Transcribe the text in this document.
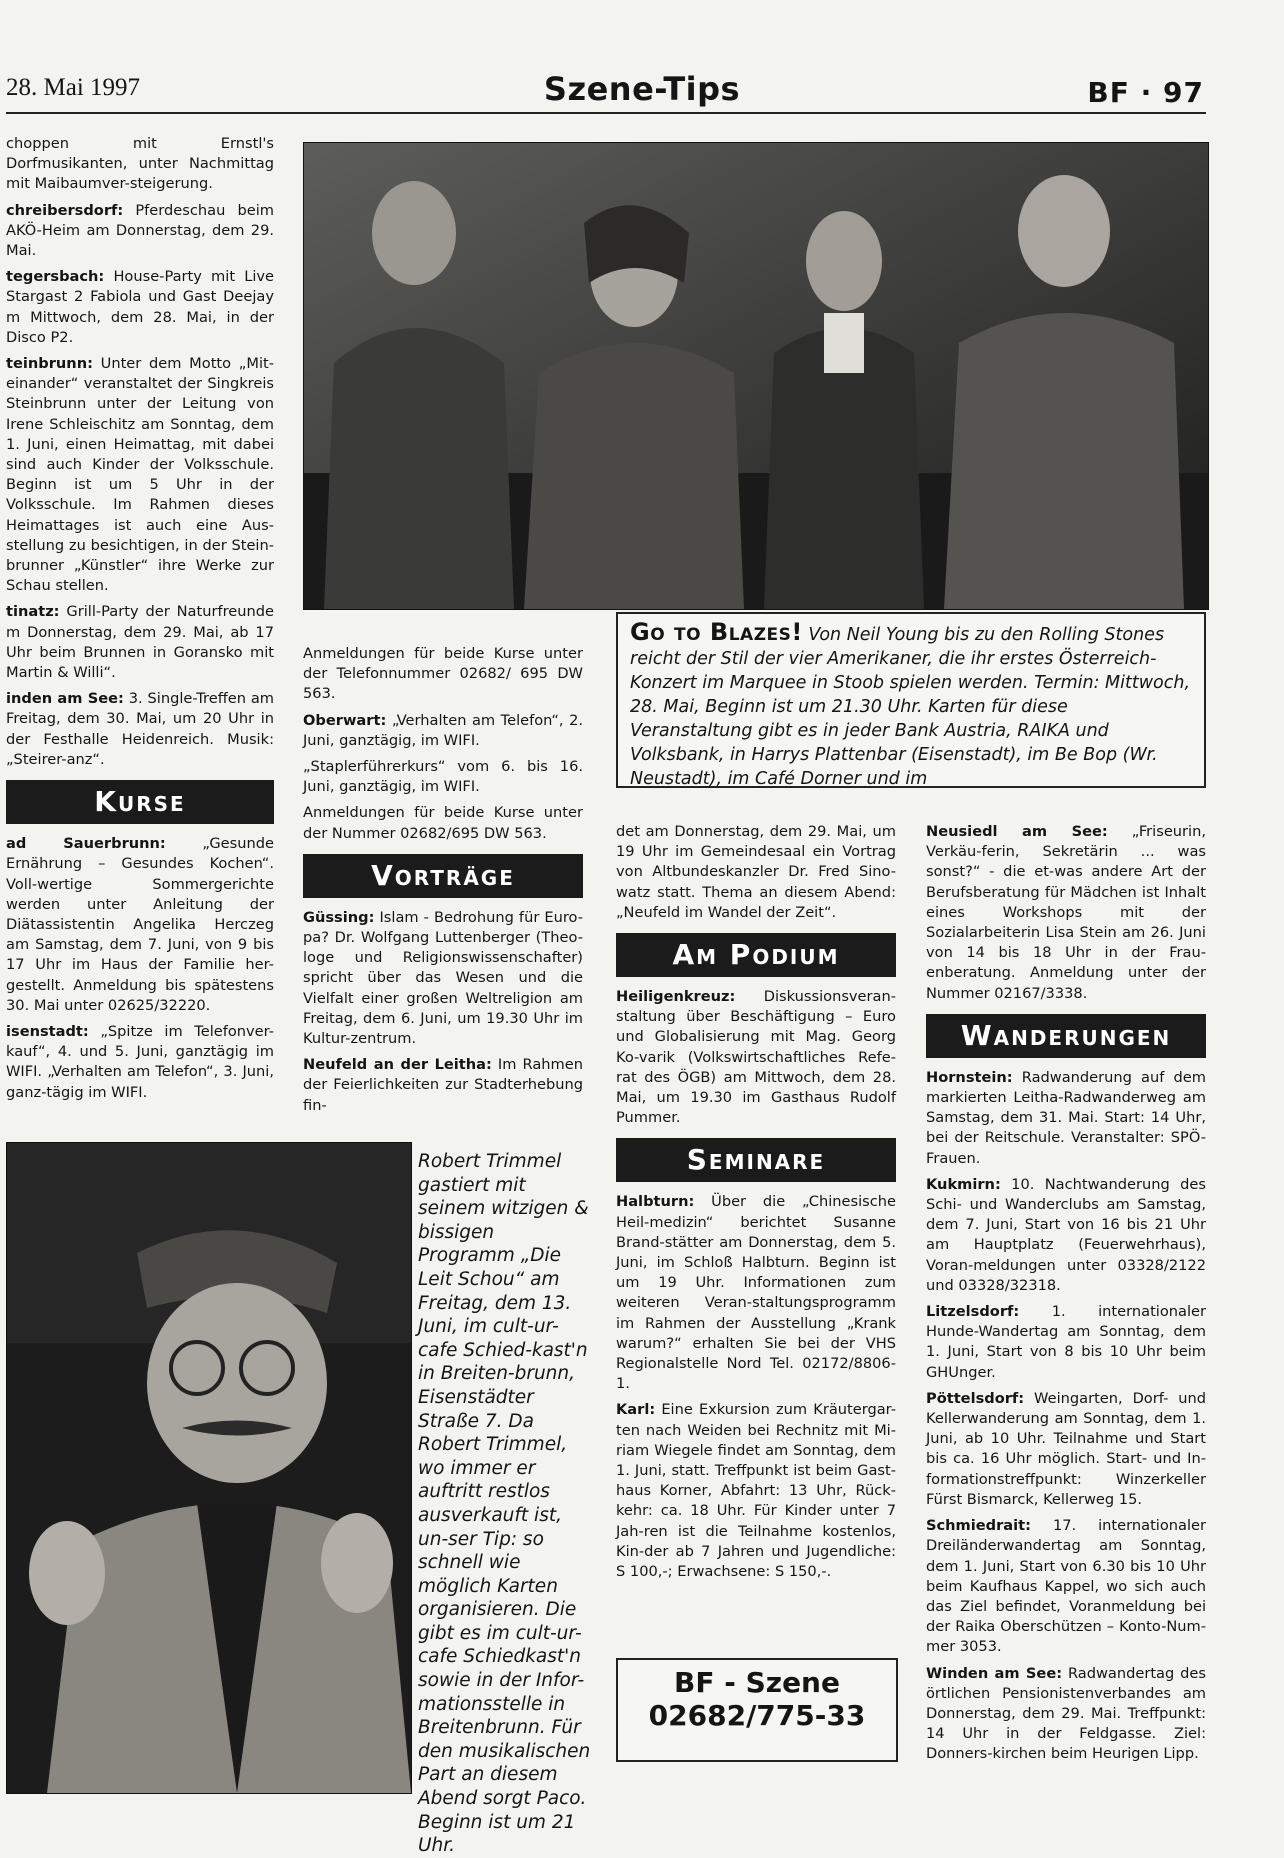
28. Mai 1997	Szene-Tips	BF · 97

choppen mit Ernstl's Dorfmusikanten, unter Nachmittag mit Maibaumver-steigerung.

chreibersdorf: Pferdeschau beim AKÖ-Heim am Donnerstag, dem 29. Mai.

tegersbach: House-Party mit Live Stargast 2 Fabiola und Gast Deejay m Mittwoch, dem 28. Mai, in der Disco P2.

teinbrunn: Unter dem Motto „Mit-einander“ veranstaltet der Singkreis Steinbrunn unter der Leitung von Irene Schleischitz am Sonntag, dem 1. Juni, einen Heimattag, mit dabei sind auch Kinder der Volksschule. Beginn ist um 5 Uhr in der Volksschule. Im Rahmen dieses Heimattages ist auch eine Aus-stellung zu besichtigen, in der Stein-brunner „Künstler“ ihre Werke zur Schau stellen.

tinatz: Grill-Party der Naturfreunde m Donnerstag, dem 29. Mai, ab 17 Uhr beim Brunnen in Goransko mit Martin & Willi“.

inden am See: 3. Single-Treffen am Freitag, dem 30. Mai, um 20 Uhr in der Festhalle Heidenreich. Musik: „Steirer-anz“.

Kurse

ad Sauerbrunn: „Gesunde Ernährung – Gesundes Kochen“. Voll-wertige Sommergerichte werden unter Anleitung der Diätassistentin Angelika Herczeg am Samstag, dem 7. Juni, von 9 bis 17 Uhr im Haus der Familie her-gestellt. Anmeldung bis spätestens 30. Mai unter 02625/32220.

isenstadt: „Spitze im Telefonver-kauf“, 4. und 5. Juni, ganztägig im WIFI. „Verhalten am Telefon“, 3. Juni, ganz-tägig im WIFI.

Go to Blazes! Von Neil Young bis zu den Rolling Stones reicht der Stil der vier Amerikaner, die ihr erstes Österreich-Konzert im Marquee in Stoob spielen werden. Termin: Mittwoch, 28. Mai, Beginn ist um 21.30 Uhr. Karten für diese Veranstaltung gibt es in jeder Bank Austria, RAIKA und Volksbank, in Harrys Plattenbar (Eisenstadt), im Be Bop (Wr. Neustadt), im Café Dorner und im

Anmeldungen für beide Kurse unter der Telefonnummer 02682/ 695 DW 563.

Oberwart: „Verhalten am Telefon“, 2. Juni, ganztägig, im WIFI.

„Staplerführerkurs“ vom 6. bis 16. Juni, ganztägig, im WIFI.

Anmeldungen für beide Kurse unter der Nummer 02682/695 DW 563.

Vorträge

Güssing: Islam - Bedrohung für Euro-pa? Dr. Wolfgang Luttenberger (Theo-loge und Religionswissenschafter) spricht über das Wesen und die Vielfalt einer großen Weltreligion am Freitag, dem 6. Juni, um 19.30 Uhr im Kultur-zentrum.

Neufeld an der Leitha: Im Rahmen der Feierlichkeiten zur Stadterhebung fin-

Robert Trimmel gastiert mit seinem witzigen & bissigen Programm „Die Leit Schou“ am Freitag, dem 13. Juni, im cult-ur-cafe Schied-kast'n in Breiten-brunn, Eisenstädter Straße 7. Da Robert Trimmel, wo immer er auftritt restlos ausverkauft ist, un-ser Tip: so schnell wie möglich Karten organisieren. Die gibt es im cult-ur-cafe Schiedkast'n sowie in der Infor-mationsstelle in Breitenbrunn. Für den musikalischen Part an diesem Abend sorgt Paco. Beginn ist um 21 Uhr.

det am Donnerstag, dem 29. Mai, um 19 Uhr im Gemeindesaal ein Vortrag von Altbundeskanzler Dr. Fred Sino-watz statt. Thema an diesem Abend: „Neufeld im Wandel der Zeit“.

Am Podium

Heiligenkreuz: Diskussionsveran-staltung über Beschäftigung – Euro und Globalisierung mit Mag. Georg Ko-varik (Volkswirtschaftliches Refe-rat des ÖGB) am Mittwoch, dem 28. Mai, um 19.30 im Gasthaus Rudolf Pummer.

Seminare

Halbturn: Über die „Chinesische Heil-medizin“ berichtet Susanne Brand-stätter am Donnerstag, dem 5. Juni, im Schloß Halbturn. Beginn ist um 19 Uhr. Informationen zum weiteren Veran-staltungsprogramm im Rahmen der Ausstellung „Krank warum?“ erhalten Sie bei der VHS Regionalstelle Nord Tel. 02172/8806-1.

Karl: Eine Exkursion zum Kräutergar-ten nach Weiden bei Rechnitz mit Mi-riam Wiegele findet am Sonntag, dem 1. Juni, statt. Treffpunkt ist beim Gast-haus Korner, Abfahrt: 13 Uhr, Rück-kehr: ca. 18 Uhr. Für Kinder unter 7 Jah-ren ist die Teilnahme kostenlos, Kin-der ab 7 Jahren und Jugendliche: S 100,-; Erwachsene: S 150,-.

BF - Szene
02682/775-33

Neusiedl am See: „Friseurin, Verkäu-ferin, Sekretärin ... was sonst?“ - die et-was andere Art der Berufsberatung für Mädchen ist Inhalt eines Workshops mit der Sozialarbeiterin Lisa Stein am 26. Juni von 14 bis 18 Uhr in der Frau-enberatung. Anmeldung unter der Nummer 02167/3338.

Wanderungen

Hornstein: Radwanderung auf dem markierten Leitha-Radwanderweg am Samstag, dem 31. Mai. Start: 14 Uhr, bei der Reitschule. Veranstalter: SPÖ-Frauen.

Kukmirn: 10. Nachtwanderung des Schi- und Wanderclubs am Samstag, dem 7. Juni, Start von 16 bis 21 Uhr am Hauptplatz (Feuerwehrhaus), Voran-meldungen unter 03328/2122 und 03328/32318.

Litzelsdorf: 1. internationaler Hunde-Wandertag am Sonntag, dem 1. Juni, Start von 8 bis 10 Uhr beim GHUnger.

Pöttelsdorf: Weingarten, Dorf- und Kellerwanderung am Sonntag, dem 1. Juni, ab 10 Uhr. Teilnahme und Start bis ca. 16 Uhr möglich. Start- und In-formationstreffpunkt: Winzerkeller Fürst Bismarck, Kellerweg 15.

Schmiedrait: 17. internationaler Dreiländerwandertag am Sonntag, dem 1. Juni, Start von 6.30 bis 10 Uhr beim Kaufhaus Kappel, wo sich auch das Ziel befindet, Voranmeldung bei der Raika Oberschützen – Konto-Num-mer 3053.

Winden am See: Radwandertag des örtlichen Pensionistenverbandes am Donnerstag, dem 29. Mai. Treffpunkt: 14 Uhr in der Feldgasse. Ziel: Donners-kirchen beim Heurigen Lipp.
